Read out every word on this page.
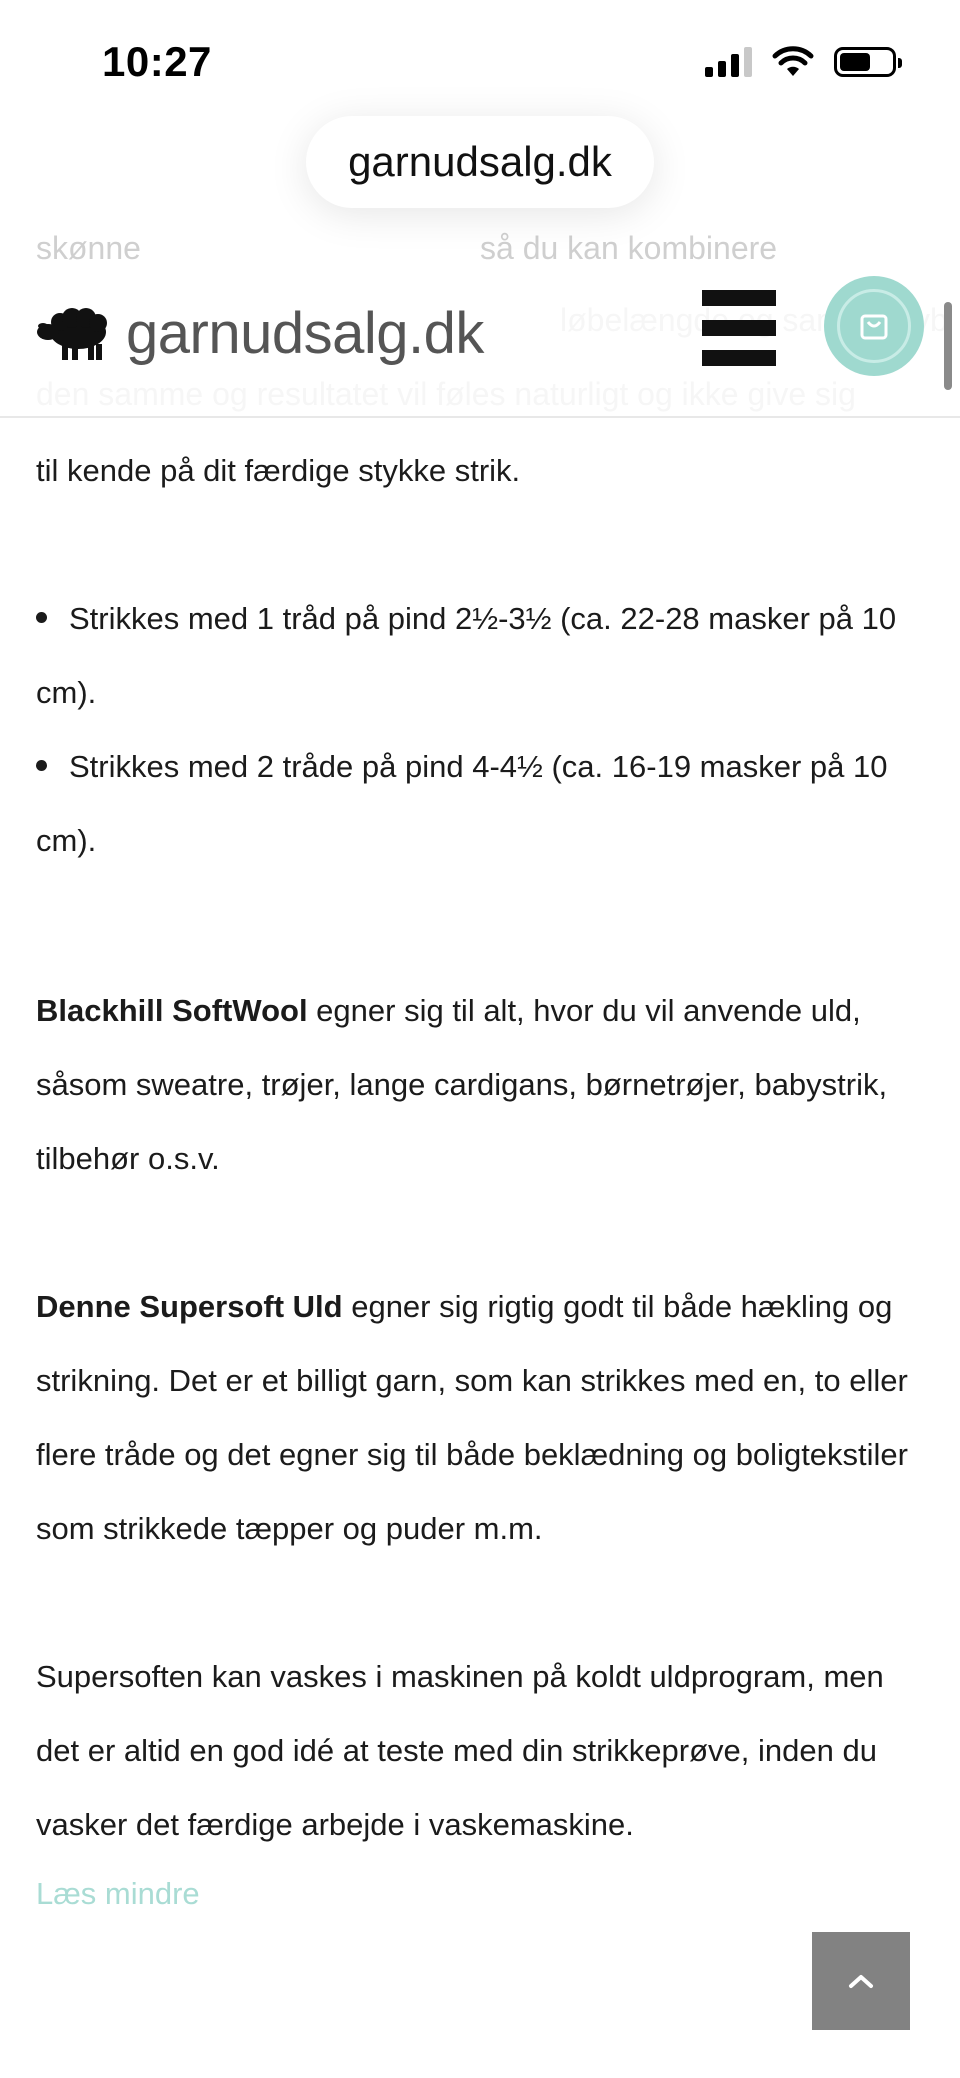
10:27
garnudsalg.dk
skønne	så du kan kombinere
garnudsalg.dk
til kende på dit færdige stykke strik.
Strikkes med 1 tråd på pind 2½-3½ (ca. 22-28 masker på 10 cm).
Strikkes med 2 tråde på pind 4-4½ (ca. 16-19 masker på 10 cm).
Blackhill SoftWool egner sig til alt, hvor du vil anvende uld, såsom sweatre, trøjer, lange cardigans, børnetrøjer, babystrik, tilbehør o.s.v.
Denne Supersoft Uld egner sig rigtig godt til både hækling og strikning. Det er et billigt garn, som kan strikkes med en, to eller flere tråde og det egner sig til både beklædning og boligtekstiler som strikkede tæpper og puder m.m.
Supersoften kan vaskes i maskinen på koldt uldprogram, men det er altid en god idé at teste med din strikkeprøve, inden du vasker det færdige arbejde i vaskemaskine.
Læs mindre
